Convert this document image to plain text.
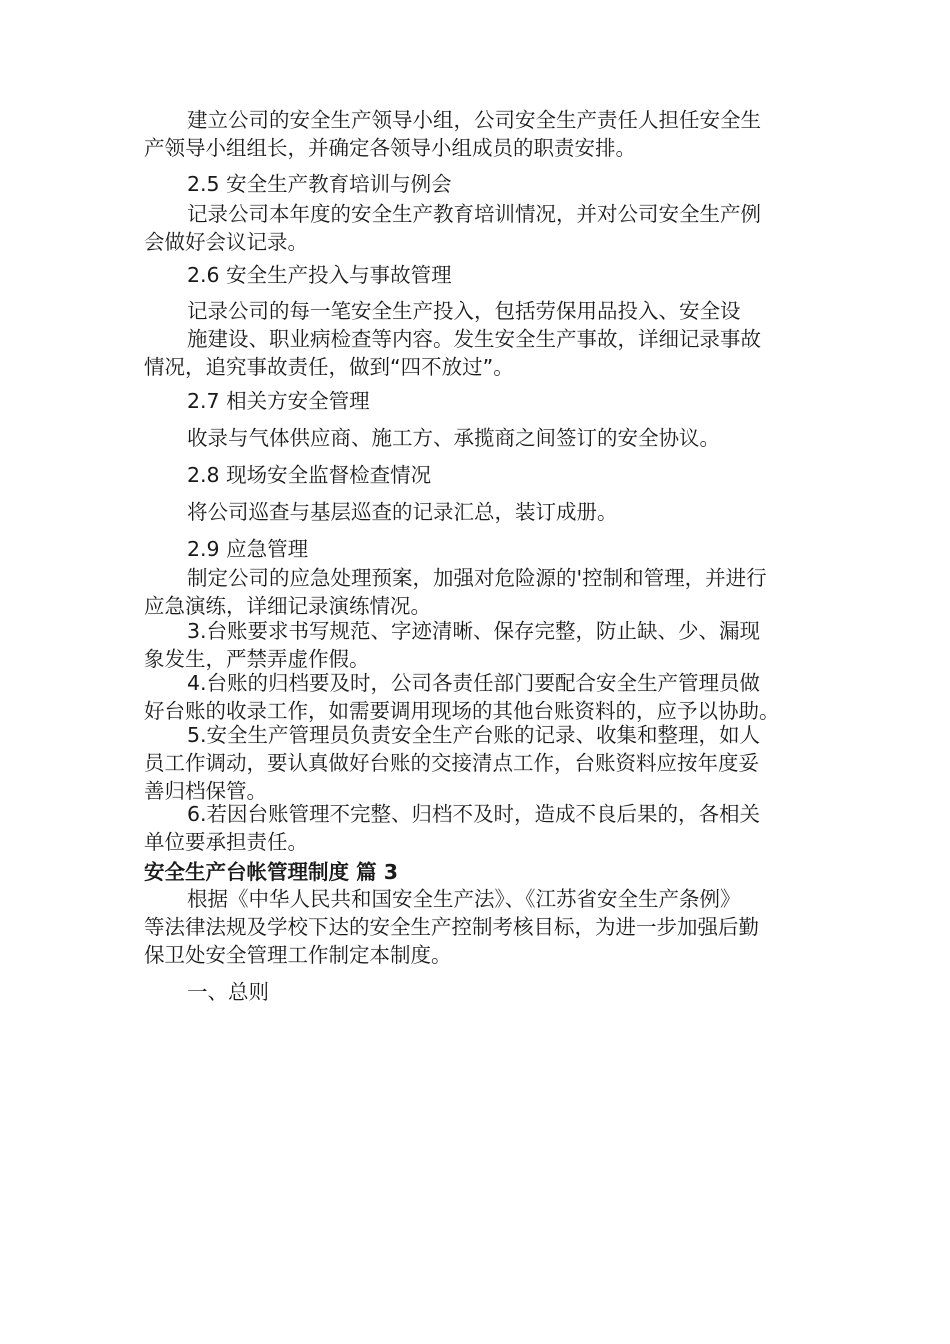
建立公司的安全生产领导小组，公司安全生产责任人担任安全生
产领导小组组长，并确定各领导小组成员的职责安排。
2.5 安全生产教育培训与例会
记录公司本年度的安全生产教育培训情况，并对公司安全生产例
会做好会议记录。
2.6 安全生产投入与事故管理
记录公司的每一笔安全生产投入，包括劳保用品投入、安全设
施建设、职业病检查等内容。发生安全生产事故，详细记录事故
情况，追究事故责任，做到“四不放过”。
2.7 相关方安全管理
收录与气体供应商、施工方、承揽商之间签订的安全协议。
2.8 现场安全监督检查情况
将公司巡查与基层巡查的记录汇总，装订成册。
2.9 应急管理
制定公司的应急处理预案，加强对危险源的'控制和管理，并进行
应急演练，详细记录演练情况。
3.台账要求书写规范、字迹清晰、保存完整，防止缺、少、漏现
象发生，严禁弄虚作假。
4.台账的归档要及时，公司各责任部门要配合安全生产管理员做
好台账的收录工作，如需要调用现场的其他台账资料的，应予以协助。
5.安全生产管理员负责安全生产台账的记录、收集和整理，如人
员工作调动，要认真做好台账的交接清点工作，台账资料应按年度妥
善归档保管。
6.若因台账管理不完整、归档不及时，造成不良后果的，各相关
单位要承担责任。
安全生产台帐管理制度 篇 3
根据《中华人民共和国安全生产法》、《江苏省安全生产条例》
等法律法规及学校下达的安全生产控制考核目标，为进一步加强后勤
保卫处安全管理工作制定本制度。
一、总则
